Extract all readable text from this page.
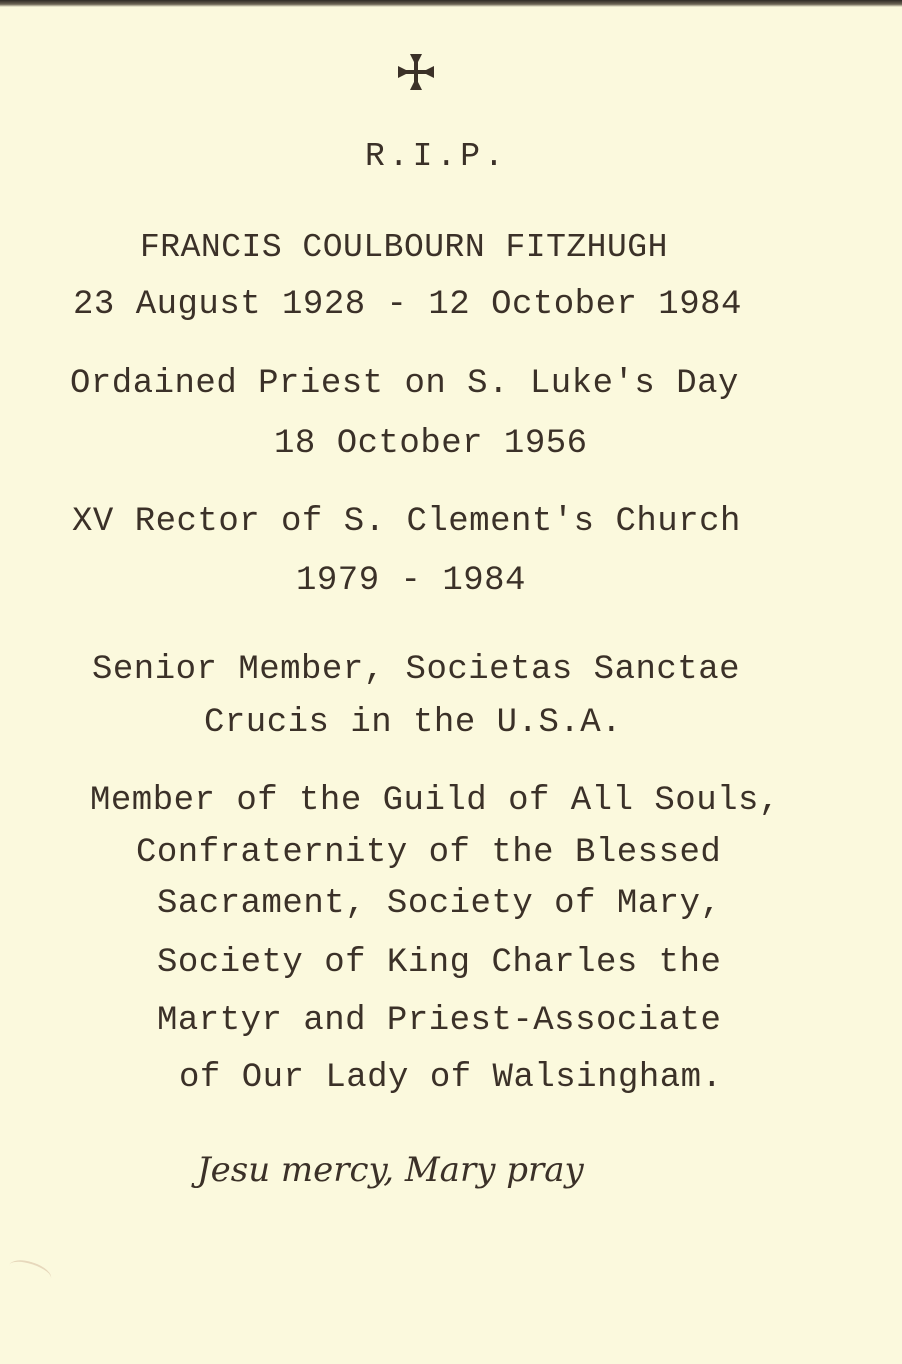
R.I.P.
FRANCIS COULBOURN FITZHUGH
23 August 1928 - 12 October 1984
Ordained Priest on S. Luke's Day
18 October 1956
XV Rector of S. Clement's Church
1979 - 1984
Senior Member, Societas Sanctae
Crucis in the U.S.A.
Member of the Guild of All Souls,
Confraternity of the Blessed
Sacrament, Society of Mary,
Society of King Charles the
Martyr and Priest-Associate
of Our Lady of Walsingham.
Jesu mercy, Mary pray
